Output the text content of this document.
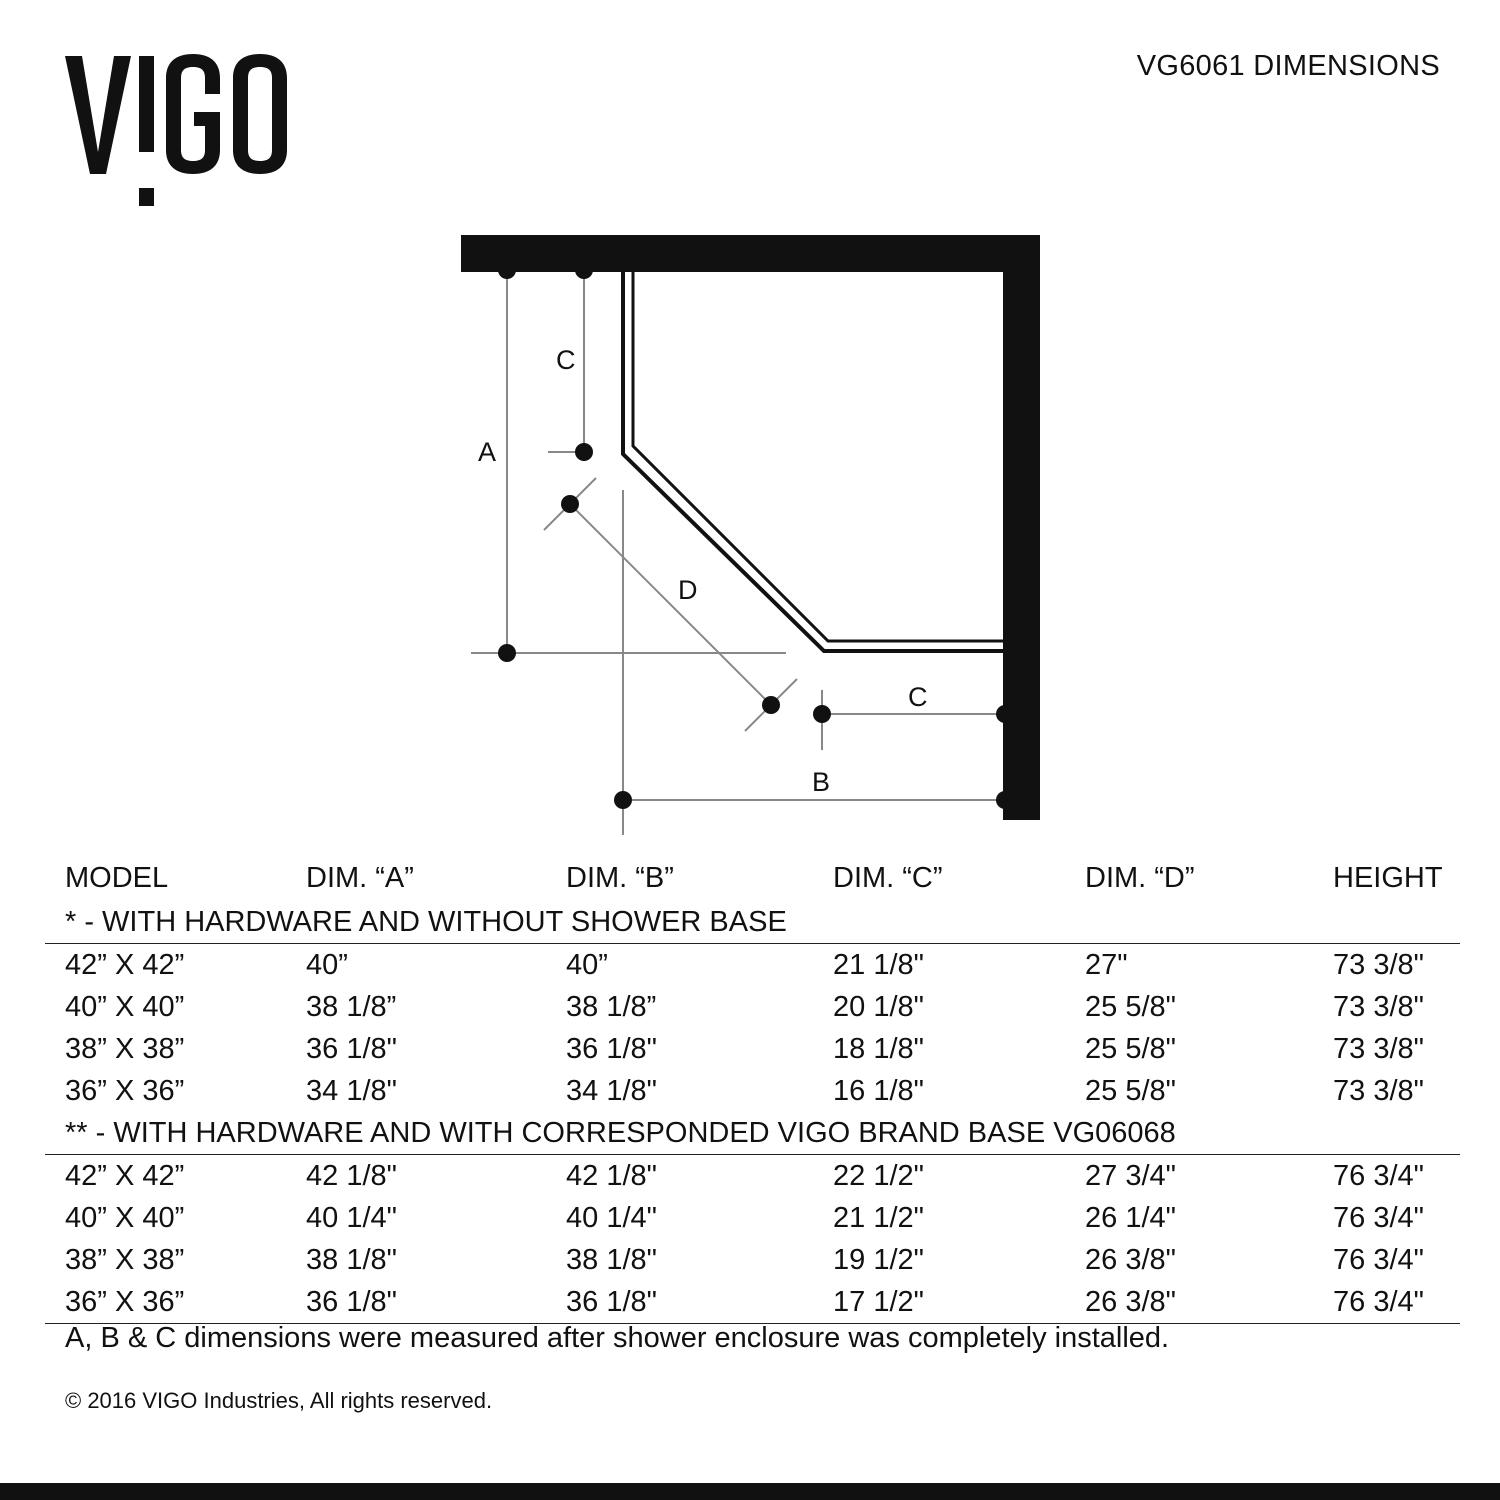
VG6061 DIMENSIONS
A
C
D
C
B
MODEL	DIM. “A”	DIM. “B”	DIM. “C”	DIM. “D”	HEIGHT
* - WITH HARDWARE AND WITHOUT SHOWER BASE					
42” X 42”	40”	40”	21 1/8"	27"	73 3/8"
40” X 40”	38 1/8”	38 1/8”	20 1/8"	25 5/8"	73 3/8"
38” X 38”	36 1/8"	36 1/8"	18 1/8"	25 5/8"	73 3/8"
36” X 36”	34 1/8"	34 1/8"	16 1/8"	25 5/8"	73 3/8"
** - WITH HARDWARE AND WITH CORRESPONDED VIGO BRAND BASE VG06068					
42” X 42”	42 1/8"	42 1/8"	22 1/2"	27 3/4"	76 3/4"
40” X 40”	40 1/4"	40 1/4"	21 1/2"	26 1/4"	76 3/4"
38” X 38”	38 1/8"	38 1/8"	19 1/2"	26 3/8"	76 3/4"
36” X 36”	36 1/8"	36 1/8"	17 1/2"	26 3/8"	76 3/4"
A, B & C dimensions were measured after shower enclosure was completely installed.
© 2016 VIGO Industries, All rights reserved.
